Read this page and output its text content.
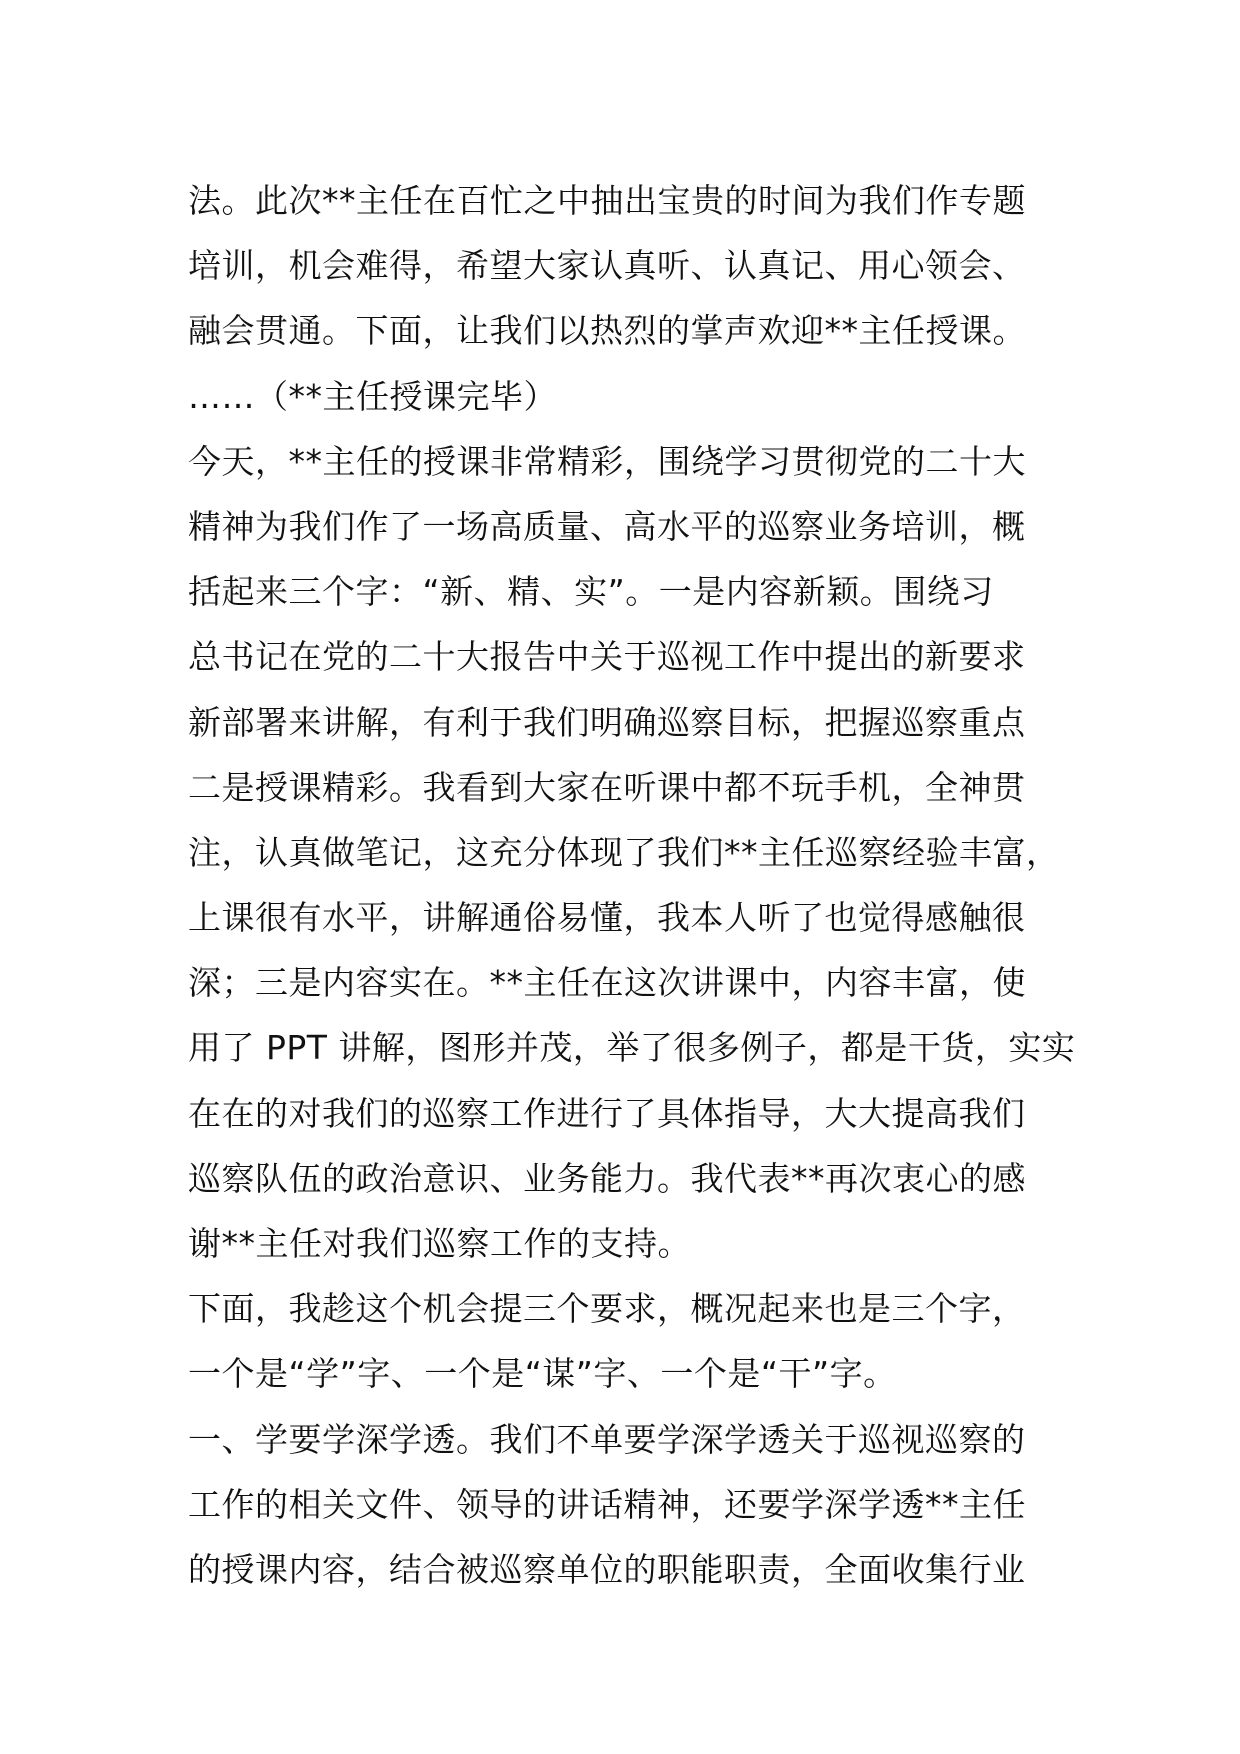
法。此次**主任在百忙之中抽出宝贵的时间为我们作专题
培训，机会难得，希望大家认真听、认真记、用心领会、
融会贯通。下面，让我们以热烈的掌声欢迎**主任授课。
……（**主任授课完毕）
今天，**主任的授课非常精彩，围绕学习贯彻党的二十大
精神为我们作了一场高质量、高水平的巡察业务培训，概
括起来三个字：“新、精、实”。一是内容新颖。围绕习
总书记在党的二十大报告中关于巡视工作中提出的新要求
新部署来讲解，有利于我们明确巡察目标，把握巡察重点
二是授课精彩。我看到大家在听课中都不玩手机，全神贯
注，认真做笔记，这充分体现了我们**主任巡察经验丰富，
上课很有水平，讲解通俗易懂，我本人听了也觉得感触很
深；三是内容实在。**主任在这次讲课中，内容丰富，使
用了 PPT 讲解，图形并茂，举了很多例子，都是干货，实实
在在的对我们的巡察工作进行了具体指导，大大提高我们
巡察队伍的政治意识、业务能力。我代表**再次衷心的感
谢**主任对我们巡察工作的支持。
下面，我趁这个机会提三个要求，概况起来也是三个字，
一个是“学”字、一个是“谋”字、一个是“干”字。
一、学要学深学透。我们不单要学深学透关于巡视巡察的
工作的相关文件、领导的讲话精神，还要学深学透**主任
的授课内容，结合被巡察单位的职能职责，全面收集行业
